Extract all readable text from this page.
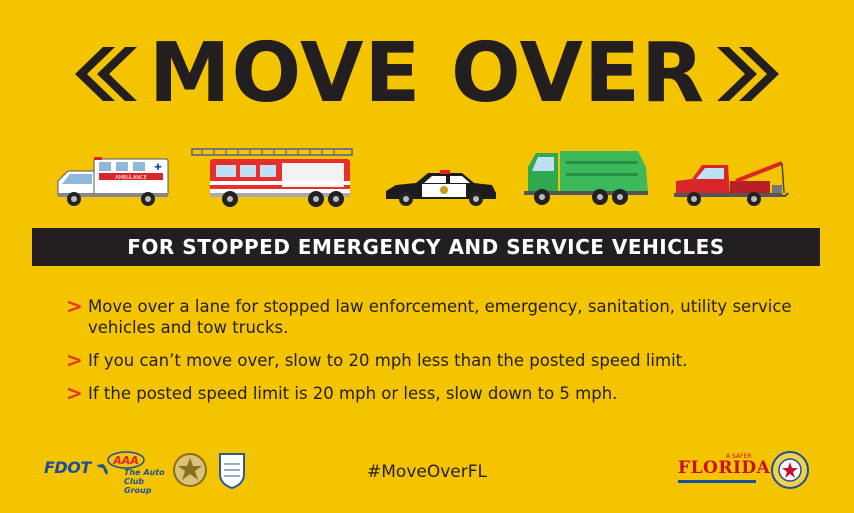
MOVE OVER
AMBULANCE
✚
FOR STOPPED EMERGENCY AND SERVICE VEHICLES
> Move over a lane for stopped law enforcement, emergency, sanitation, utility service vehicles and tow trucks.
> If you can’t move over, slow to 20 mph less than the posted speed limit.
> If the posted speed limit is 20 mph or less, slow down to 5 mph.
FDOT	AAA
The Auto Club Group
#MoveOverFL
A SAFER
FLORIDA
